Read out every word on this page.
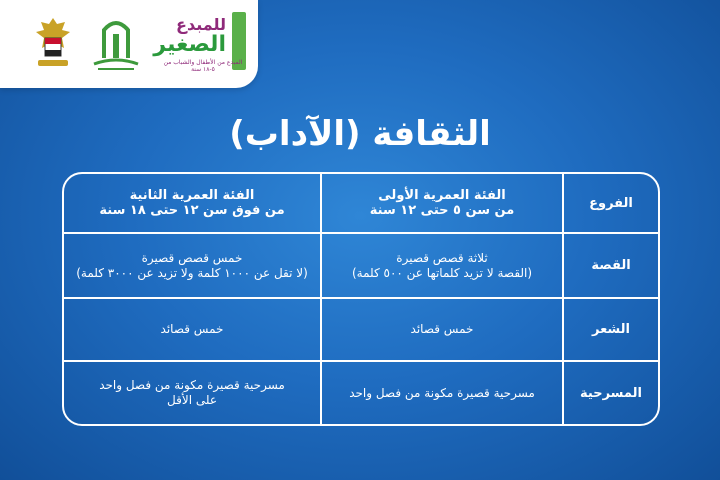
للمبدع
الصغير
المبدع من الأطفال والشباب من ٥-١٨ سنة
الثقافة (الآداب)
الفروع
الفئة العمرية الأولى
من سن ٥ حتى ١٢ سنة
الفئة العمرية الثانية
من فوق سن ١٢ حتى ١٨ سنة
القصة
ثلاثة قصص قصيرة
(القصة لا تزيد كلماتها عن ٥٠٠ كلمة)
خمس قصص قصيرة
(لا تقل عن ١٠٠٠ كلمة ولا تزيد عن ٣٠٠٠ كلمة)
الشعر
خمس قصائد
خمس قصائد
المسرحية
مسرحية قصيرة مكونة من فصل واحد
مسرحية قصيرة مكونة من فصل واحد
على الأقل
